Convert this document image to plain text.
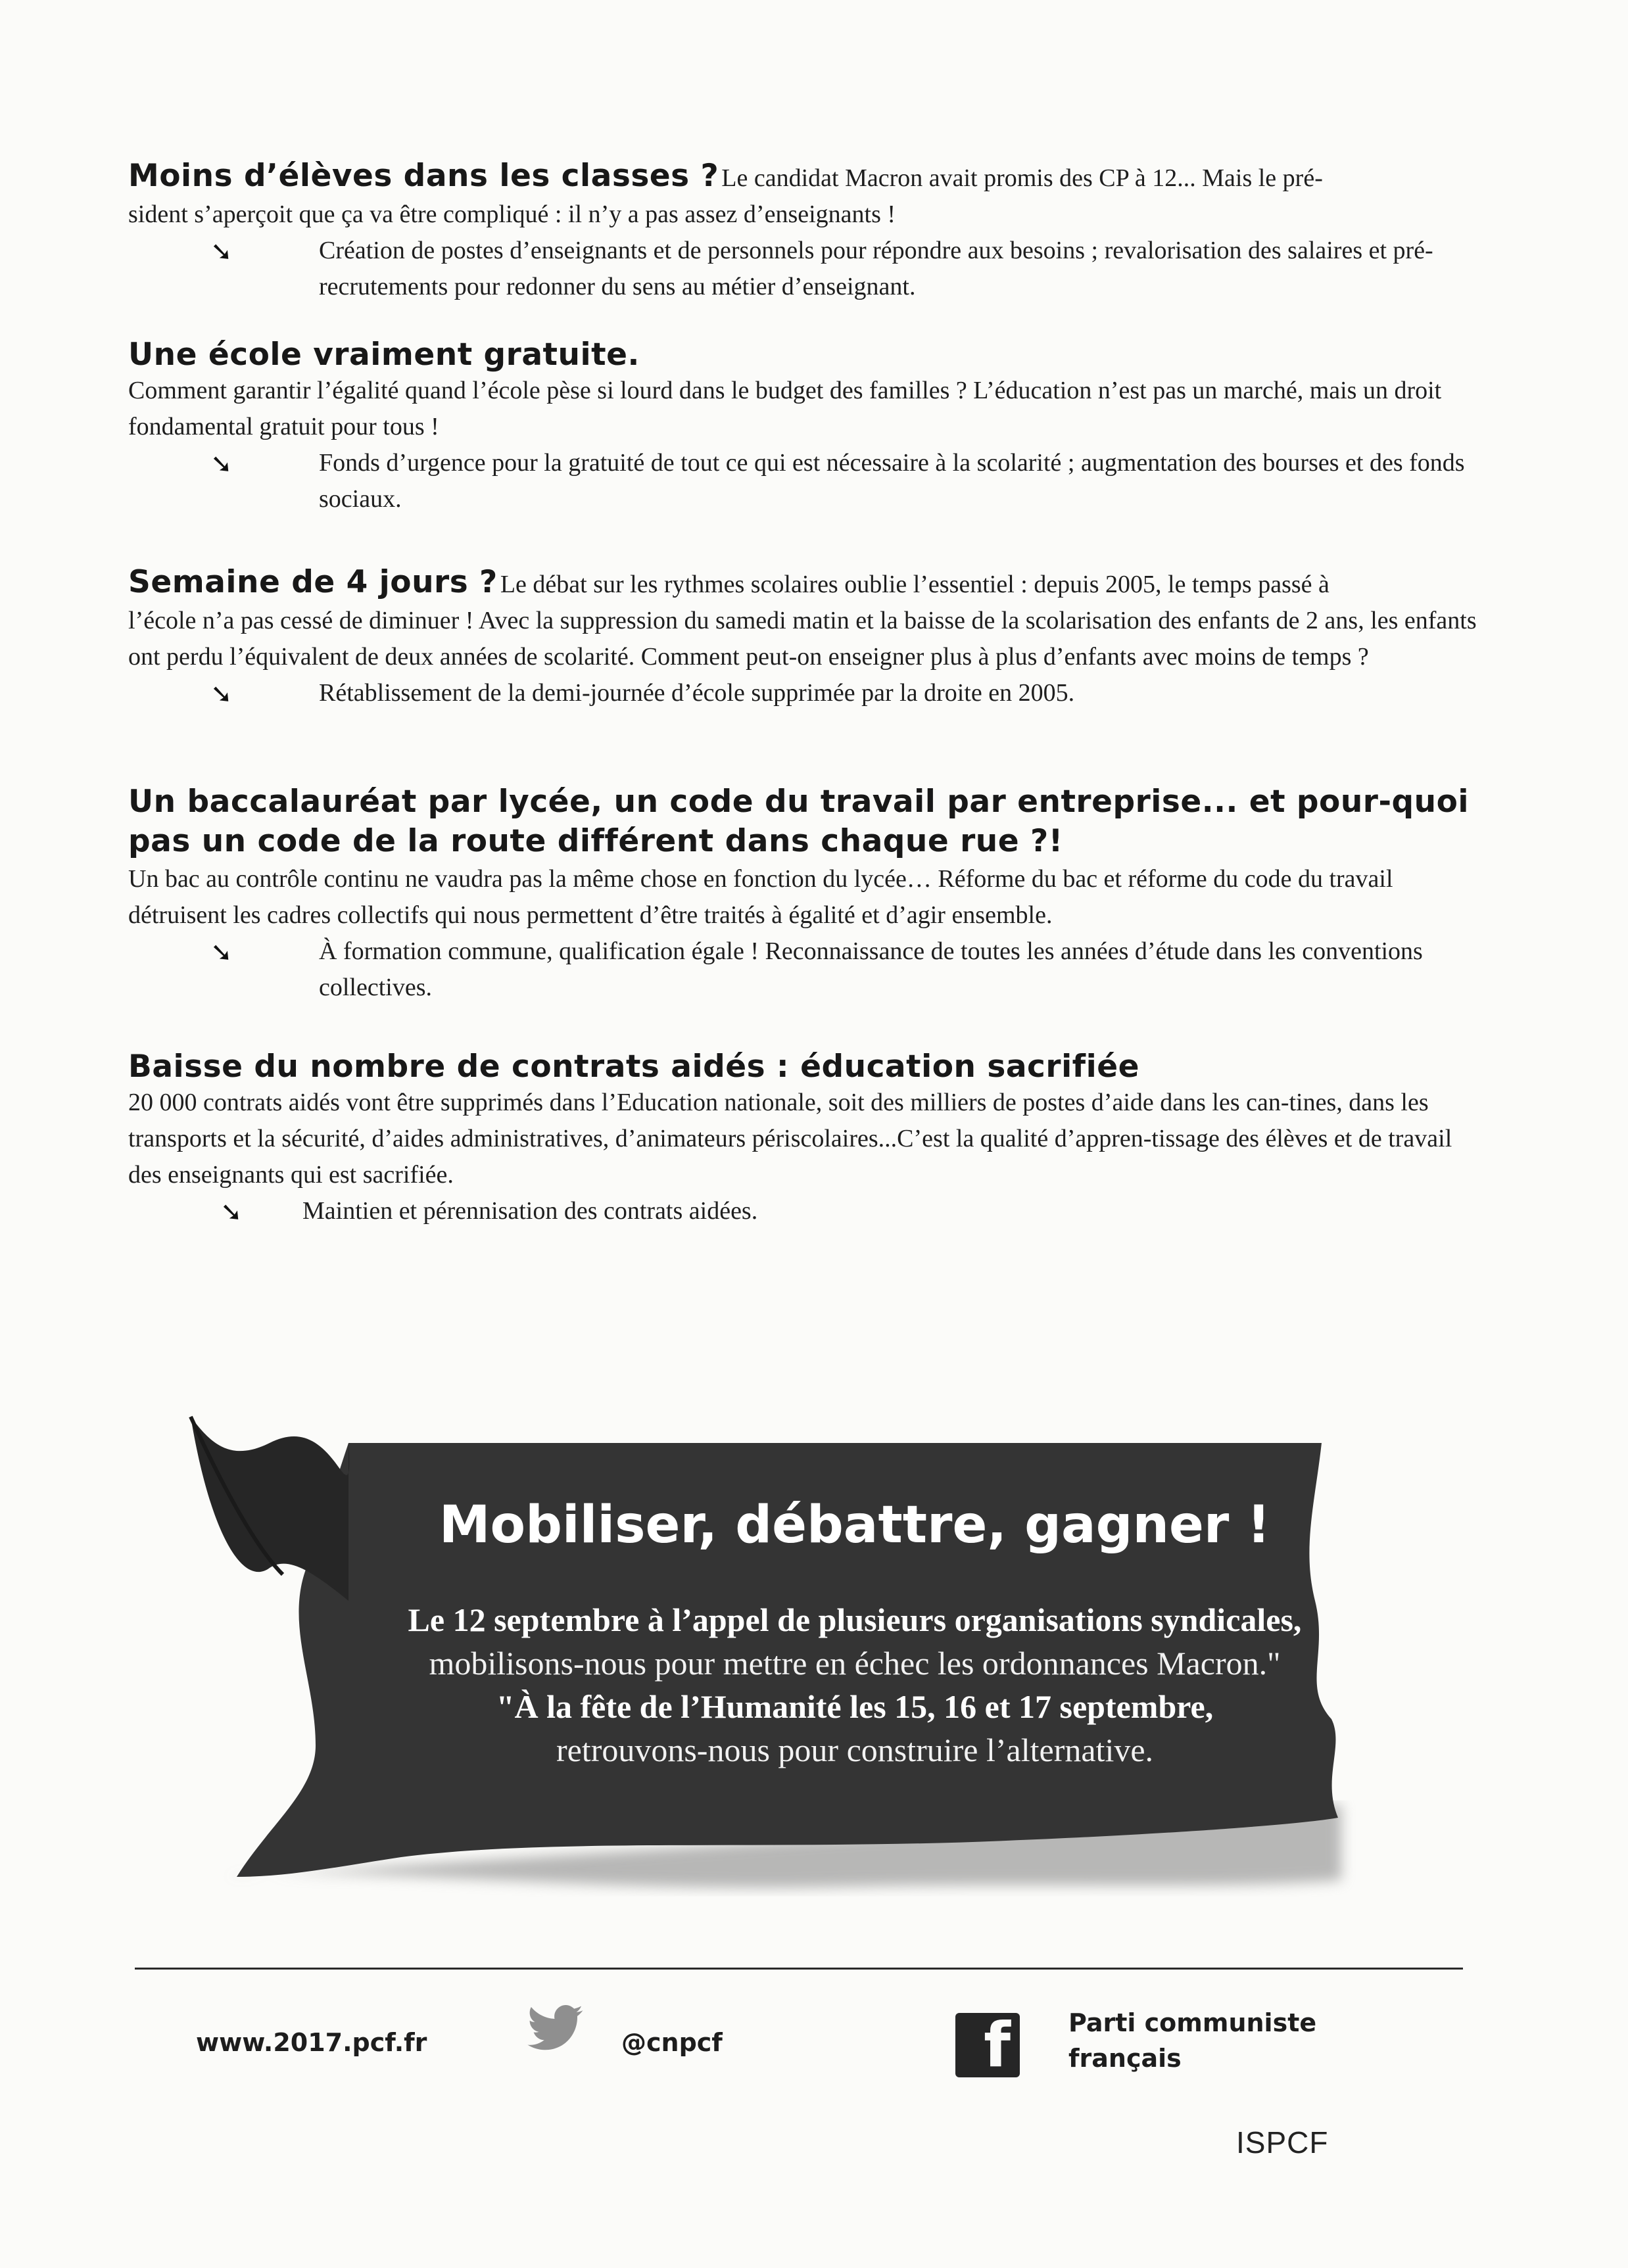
Moins d’élèves dans les classes ? Le candidat Macron avait promis des CP à 12... Mais le pré-
sident s’aperçoit que ça va être compliqué : il n’y a pas assez d’enseignants !
➘	Création de postes d’enseignants et de personnels pour répondre aux besoins ; revalorisation des salaires et pré-recrutements pour redonner du sens au métier d’enseignant.
Une école vraiment gratuite.
Comment garantir l’égalité quand l’école pèse si lourd dans le budget des familles ? L’éducation n’est pas un marché, mais un droit fondamental gratuit pour tous !
➘	Fonds d’urgence pour la gratuité de tout ce qui est nécessaire à la scolarité ; augmentation des bourses et des fonds sociaux.
Semaine de 4 jours ? Le débat sur les rythmes scolaires oublie l’essentiel : depuis 2005, le temps passé à
l’école n’a pas cessé de diminuer ! Avec la suppression du samedi matin et la baisse de la scolarisation des enfants de 2 ans, les enfants ont perdu l’équivalent de deux années de scolarité. Comment peut-on enseigner plus à plus d’enfants avec moins de temps ?
➘	Rétablissement de la demi-journée d’école supprimée par la droite en 2005.
Un baccalauréat par lycée, un code du travail par entreprise... et pour-quoi pas un code de la route différent dans chaque rue ?!
Un bac au contrôle continu ne vaudra pas la même chose en fonction du lycée… Réforme du bac et réforme du code du travail détruisent les cadres collectifs qui nous permettent d’être traités à égalité et d’agir ensemble.
➘	À formation commune, qualification égale ! Reconnaissance de toutes les années d’étude dans les conventions collectives.
Baisse du nombre de contrats aidés : éducation sacrifiée
20 000 contrats aidés vont être supprimés dans l’Education nationale, soit des milliers de postes d’aide dans les can-tines, dans les transports et la sécurité, d’aides administratives, d’animateurs périscolaires...C’est la qualité d’appren-tissage des élèves et de travail des enseignants qui est sacrifiée.
➘ Maintien et pérennisation des contrats aidées.
Mobiliser, débattre, gagner !
Le 12 septembre à l’appel de plusieurs organisations syndicales,
mobilisons-nous pour mettre en échec les ordonnances Macron."
"À la fête de l’Humanité les 15, 16 et 17 septembre,
retrouvons-nous pour construire l’alternative.
www.2017.pcf.fr	@cnpcf	f Parti communiste
français
ISPCF
